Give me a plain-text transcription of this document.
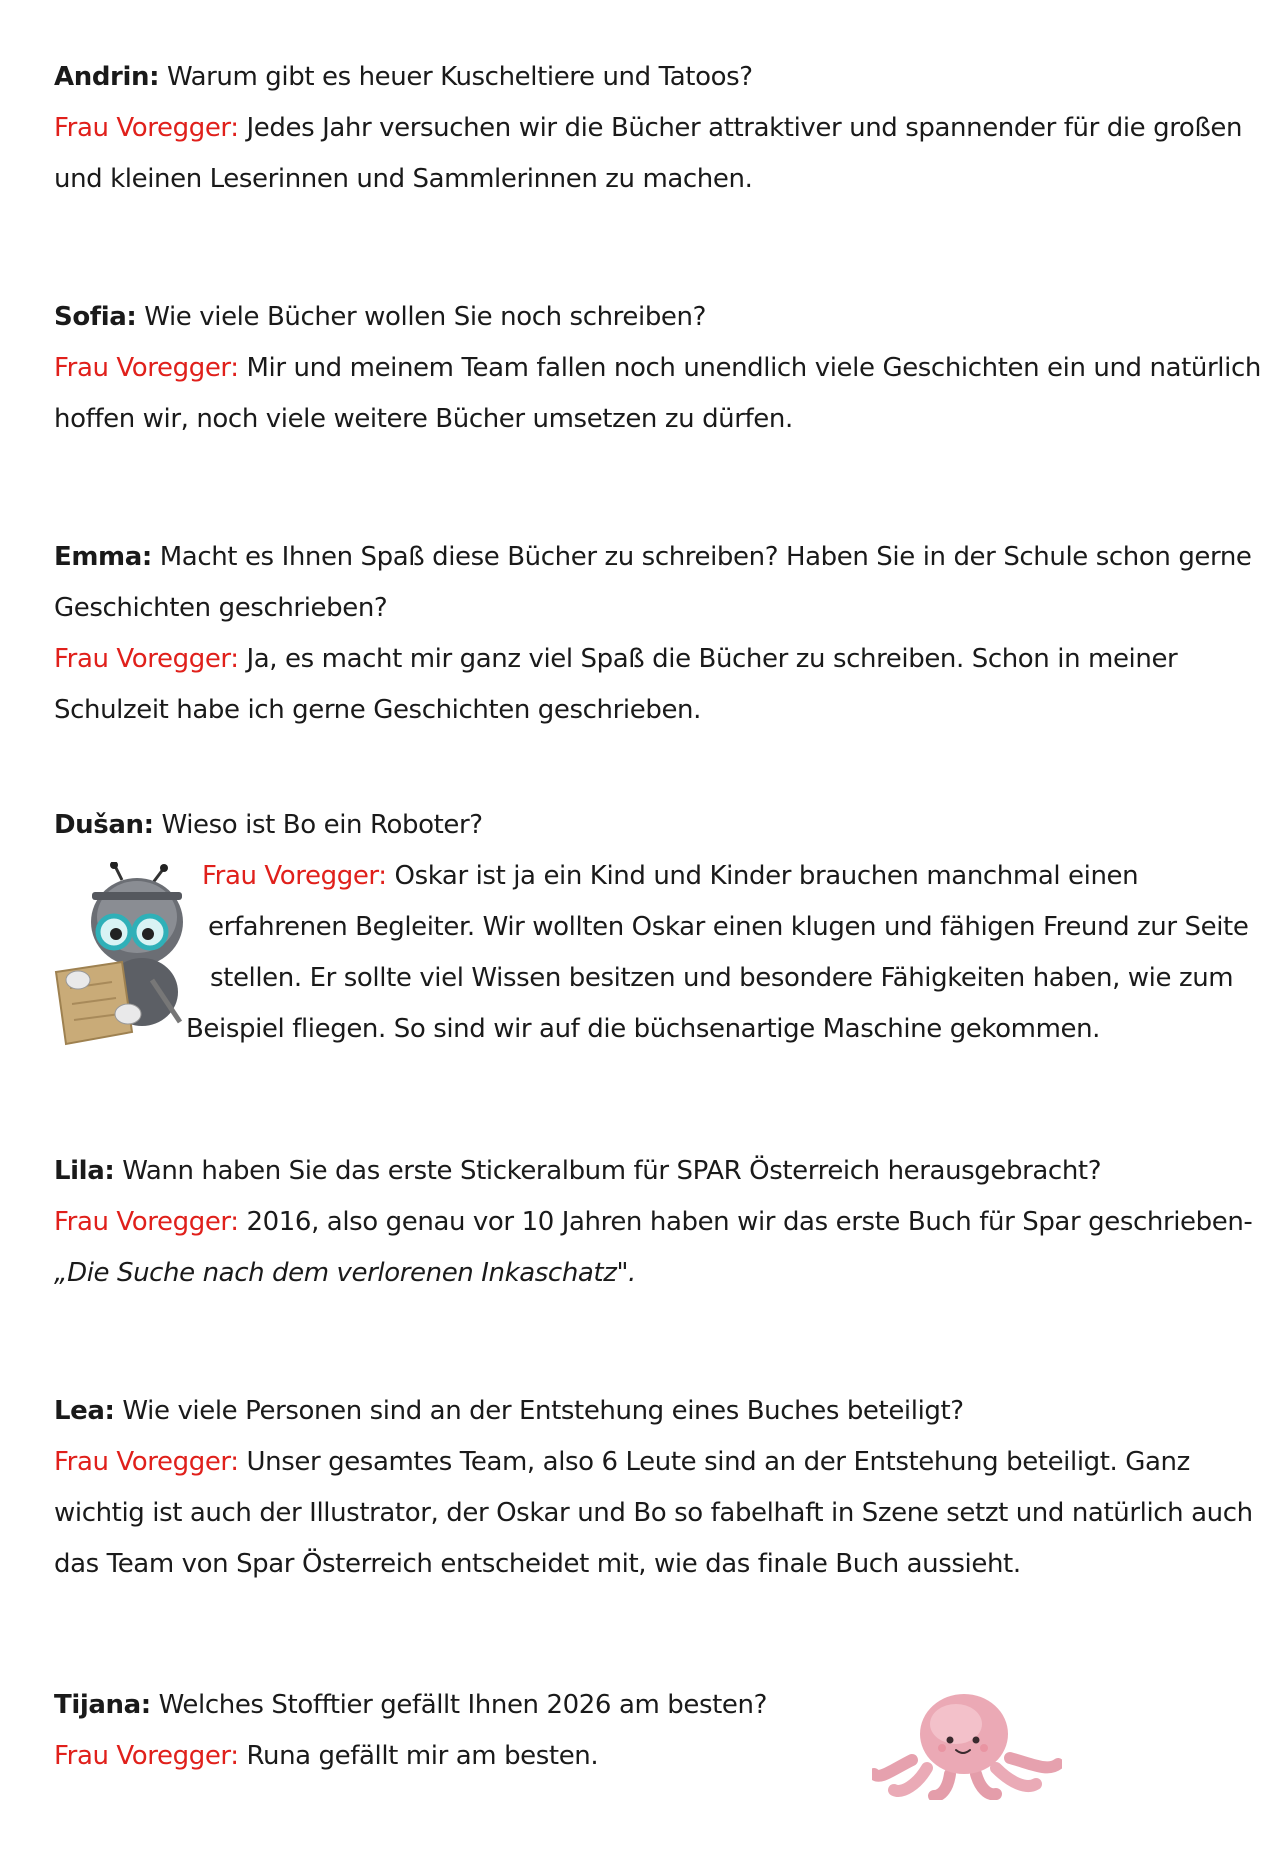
Andrin: Warum gibt es heuer Kuscheltiere und Tatoos?
Frau Voregger: Jedes Jahr versuchen wir die Bücher attraktiver und spannender für die großen
und kleinen Leserinnen und Sammlerinnen zu machen.
Sofia: Wie viele Bücher wollen Sie noch schreiben?
Frau Voregger: Mir und meinem Team fallen noch unendlich viele Geschichten ein und natürlich
hoffen wir, noch viele weitere Bücher umsetzen zu dürfen.
Emma: Macht es Ihnen Spaß diese Bücher zu schreiben? Haben Sie in der Schule schon gerne
Geschichten geschrieben?
Frau Voregger: Ja, es macht mir ganz viel Spaß die Bücher zu schreiben. Schon in meiner
Schulzeit habe ich gerne Geschichten geschrieben.
Dušan: Wieso ist Bo ein Roboter?
Frau Voregger: Oskar ist ja ein Kind und Kinder brauchen manchmal einen
erfahrenen Begleiter. Wir wollten Oskar einen klugen und fähigen Freund zur Seite
stellen. Er sollte viel Wissen besitzen und besondere Fähigkeiten haben, wie zum
Beispiel fliegen. So sind wir auf die büchsenartige Maschine gekommen.
Lila: Wann haben Sie das erste Stickeralbum für SPAR Österreich herausgebracht?
Frau Voregger: 2016, also genau vor 10 Jahren haben wir das erste Buch für Spar geschrieben-
„Die Suche nach dem verlorenen Inkaschatz".
Lea: Wie viele Personen sind an der Entstehung eines Buches beteiligt?
Frau Voregger: Unser gesamtes Team, also 6 Leute sind an der Entstehung beteiligt. Ganz
wichtig ist auch der Illustrator, der Oskar und Bo so fabelhaft in Szene setzt und natürlich auch
das Team von Spar Österreich entscheidet mit, wie das finale Buch aussieht.
Tijana: Welches Stofftier gefällt Ihnen 2026 am besten?
Frau Voregger: Runa gefällt mir am besten.
